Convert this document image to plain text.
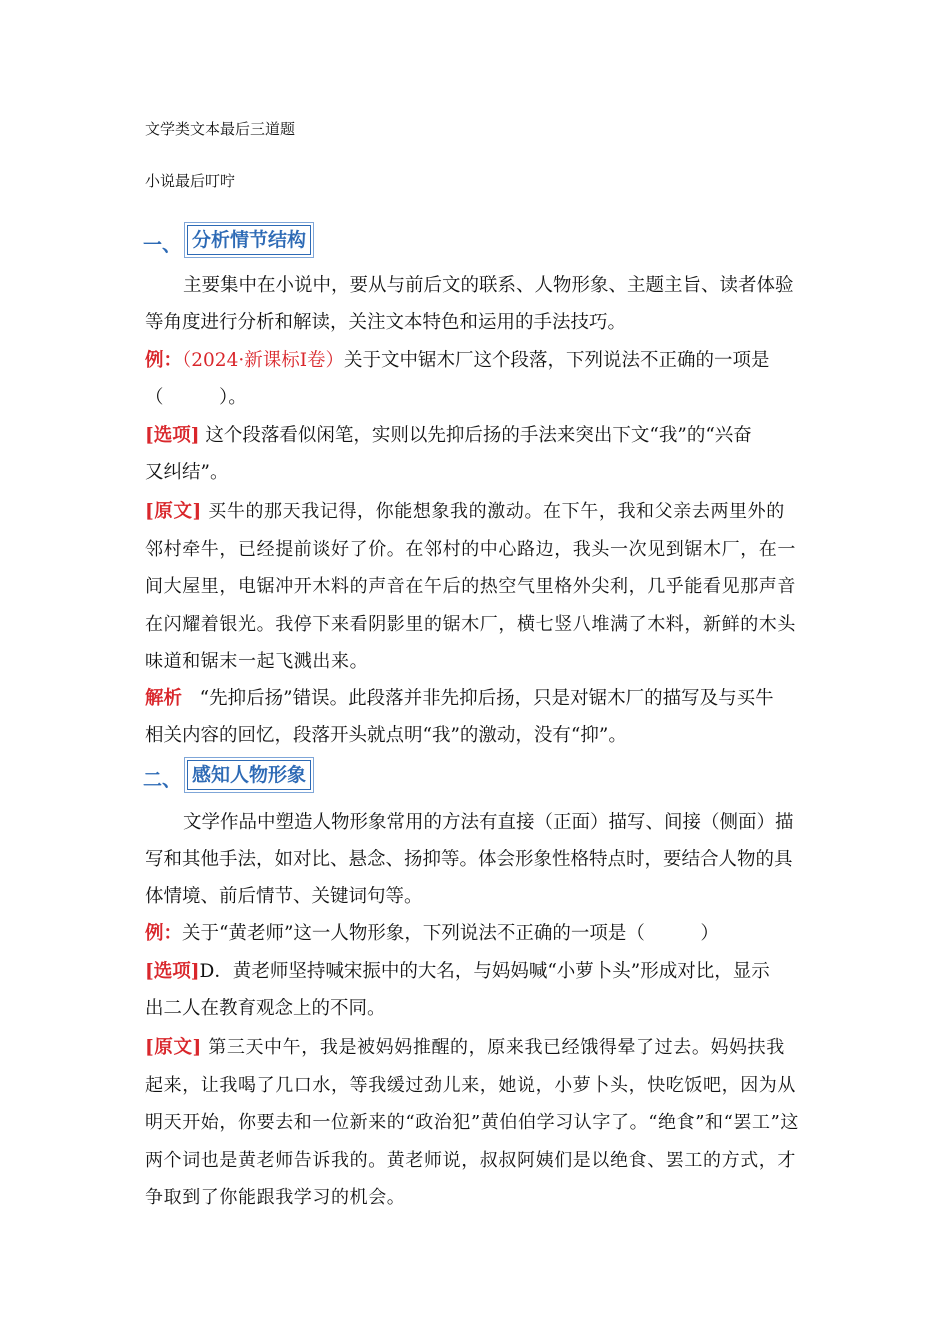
文学类文本最后三道题
小说最后叮咛
一、 分析情节结构
主要集中在小说中，要从与前后文的联系、人物形象、主题主旨、读者体验
等角度进行分析和解读，关注文本特色和运用的手法技巧。
例：（2024·新课标Ⅰ卷）关于文中锯木厂这个段落，下列说法不正确的一项是
（　　　）。
[选项] 这个段落看似闲笔，实则以先抑后扬的手法来突出下文“我”的“兴奋
又纠结”。
[原文] 买牛的那天我记得，你能想象我的激动。在下午，我和父亲去两里外的
邻村牵牛，已经提前谈好了价。在邻村的中心路边，我头一次见到锯木厂，在一
间大屋里，电锯冲开木料的声音在午后的热空气里格外尖利，几乎能看见那声音
在闪耀着银光。我停下来看阴影里的锯木厂，横七竖八堆满了木料，新鲜的木头
味道和锯末一起飞溅出来。
解析 “先抑后扬”错误。此段落并非先抑后扬，只是对锯木厂的描写及与买牛
相关内容的回忆，段落开头就点明“我”的激动，没有“抑”。
二、 感知人物形象
文学作品中塑造人物形象常用的方法有直接（正面）描写、间接（侧面）描
写和其他手法，如对比、悬念、扬抑等。体会形象性格特点时，要结合人物的具
体情境、前后情节、关键词句等。
例：关于“黄老师”这一人物形象，下列说法不正确的一项是（　　　）
[选项]D．黄老师坚持喊宋振中的大名，与妈妈喊“小萝卜头”形成对比，显示
出二人在教育观念上的不同。
[原文] 第三天中午，我是被妈妈推醒的，原来我已经饿得晕了过去。妈妈扶我
起来，让我喝了几口水，等我缓过劲儿来，她说，小萝卜头，快吃饭吧，因为从
明天开始，你要去和一位新来的“政治犯”黄伯伯学习认字了。“绝食”和“罢工”这
两个词也是黄老师告诉我的。黄老师说，叔叔阿姨们是以绝食、罢工的方式，才
争取到了你能跟我学习的机会。
